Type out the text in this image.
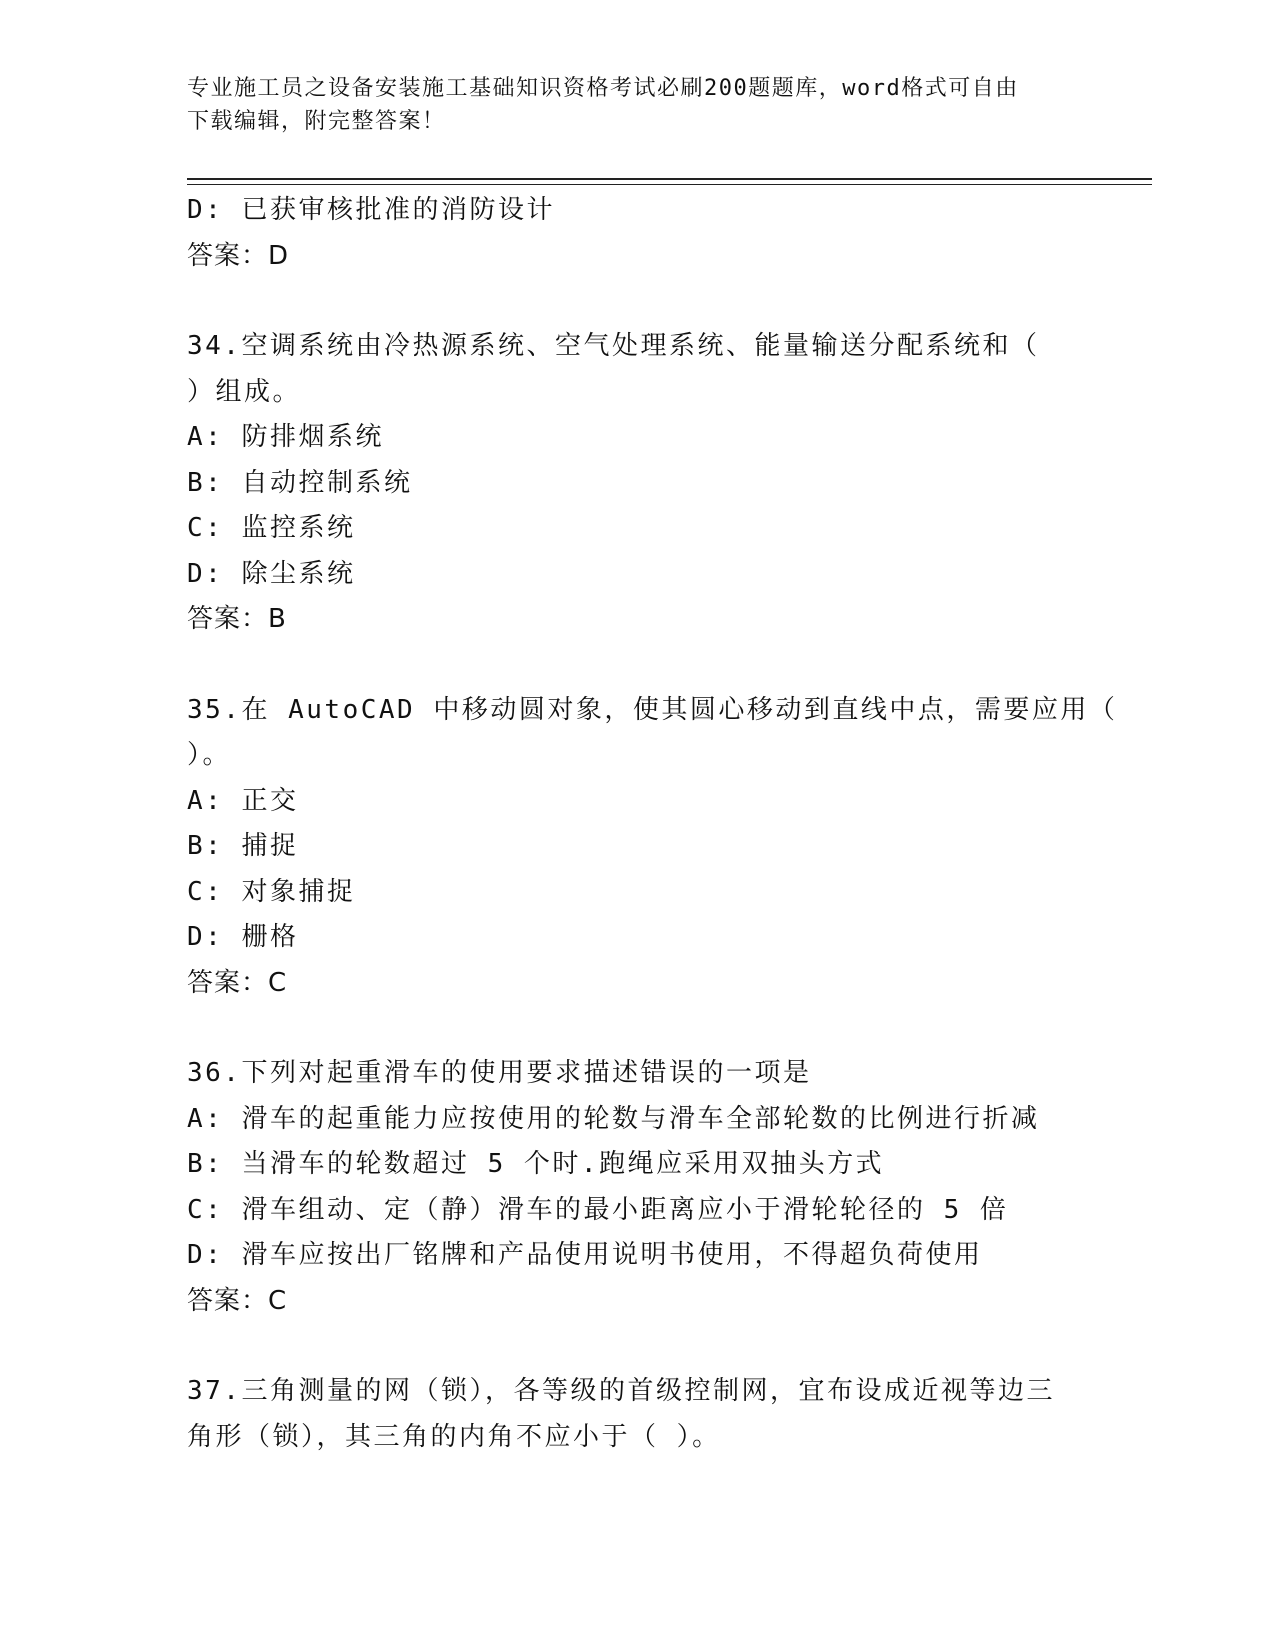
专业施工员之设备安装施工基础知识资格考试必刷200题题库，word格式可自由
下载编辑，附完整答案！
D: 已获审核批准的消防设计
答案：D
34.空调系统由冷热源系统、空气处理系统、能量输送分配系统和（
）组成。
A: 防排烟系统
B: 自动控制系统
C: 监控系统
D: 除尘系统
答案：B
35.在 AutoCAD 中移动圆对象，使其圆心移动到直线中点，需要应用（
）。
A: 正交
B: 捕捉
C: 对象捕捉
D: 栅格
答案：C
36.下列对起重滑车的使用要求描述错误的一项是
A: 滑车的起重能力应按使用的轮数与滑车全部轮数的比例进行折减
B: 当滑车的轮数超过 5 个时.跑绳应采用双抽头方式
C: 滑车组动、定（静）滑车的最小距离应小于滑轮轮径的 5 倍
D: 滑车应按出厂铭牌和产品使用说明书使用，不得超负荷使用
答案：C
37.三角测量的网（锁），各等级的首级控制网，宜布设成近视等边三
角形（锁），其三角的内角不应小于（ ）。
